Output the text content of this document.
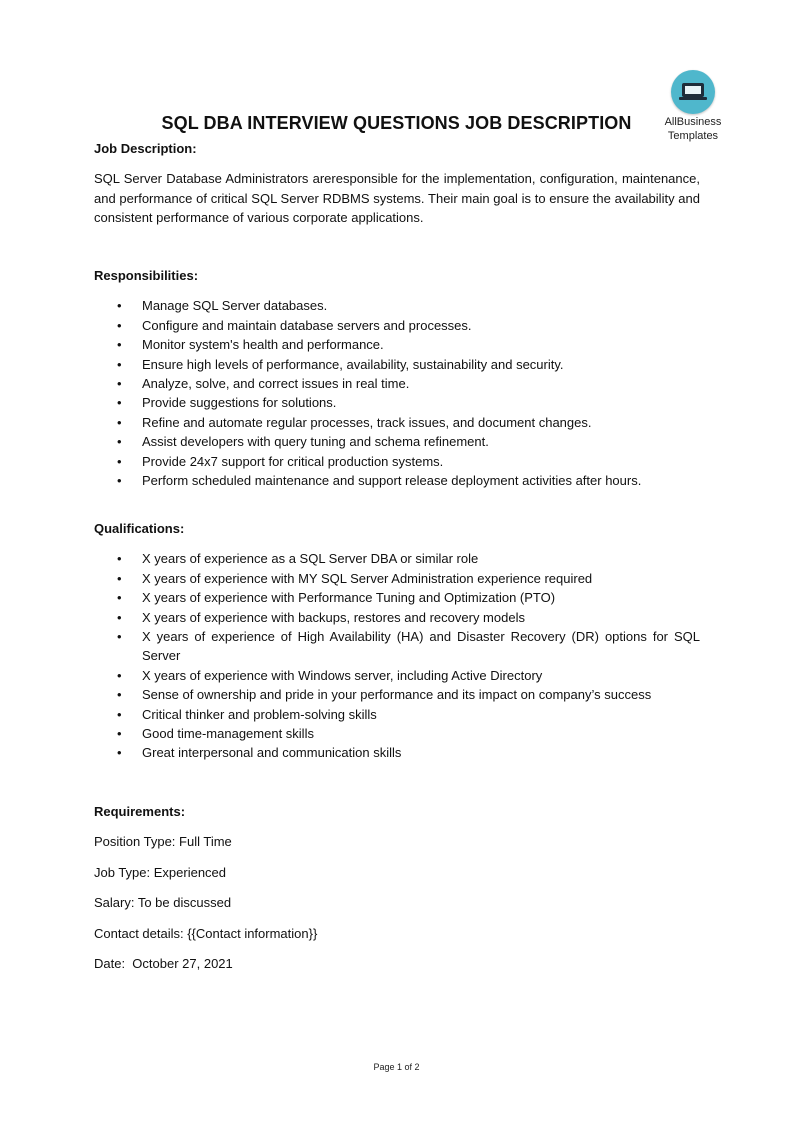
AllBusiness
Templates
SQL DBA INTERVIEW QUESTIONS JOB DESCRIPTION

Job Description:

SQL Server Database Administrators areresponsible for the implementation, configuration, maintenance, and performance of critical SQL Server RDBMS systems. Their main goal is to ensure the availability and consistent performance of various corporate applications.

Responsibilities:

• Manage SQL Server databases.
• Configure and maintain database servers and processes.
• Monitor system's health and performance.
• Ensure high levels of performance, availability, sustainability and security.
• Analyze, solve, and correct issues in real time.
• Provide suggestions for solutions.
• Refine and automate regular processes, track issues, and document changes.
• Assist developers with query tuning and schema refinement.
• Provide 24x7 support for critical production systems.
• Perform scheduled maintenance and support release deployment activities after hours.

Qualifications:

• X years of experience as a SQL Server DBA or similar role
• X years of experience with MY SQL Server Administration experience required
• X years of experience with Performance Tuning and Optimization (PTO)
• X years of experience with backups, restores and recovery models
• X years of experience of High Availability (HA) and Disaster Recovery (DR) options for SQL Server
• X years of experience with Windows server, including Active Directory
• Sense of ownership and pride in your performance and its impact on company’s success
• Critical thinker and problem-solving skills
• Good time-management skills
• Great interpersonal and communication skills

Requirements:

Position Type: Full Time

Job Type: Experienced

Salary: To be discussed

Contact details: {{Contact information}}

Date:  October 27, 2021

Page 1 of 2
